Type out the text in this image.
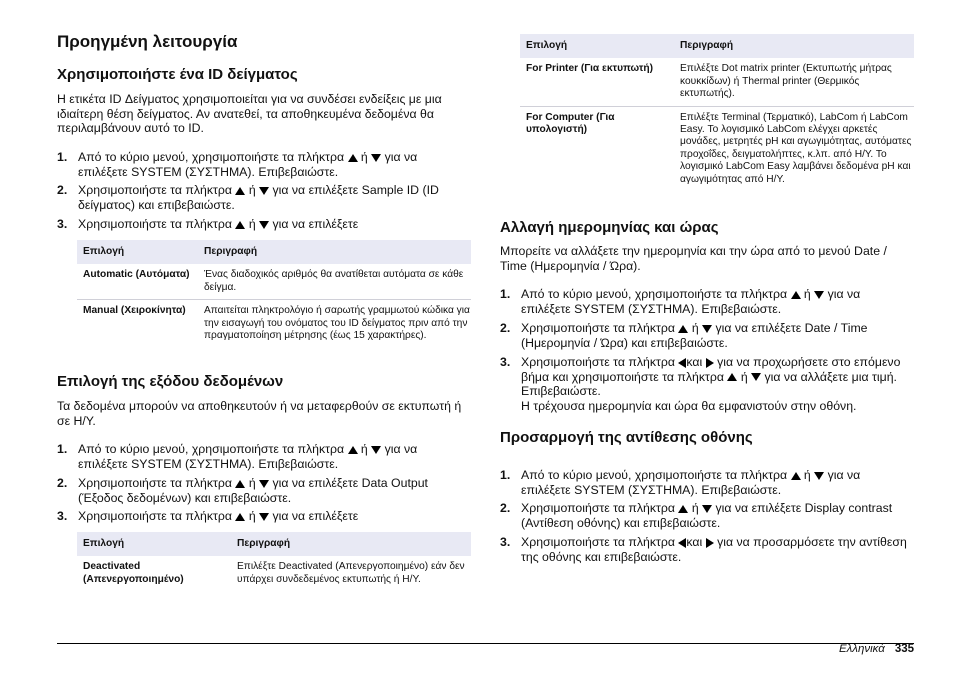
Προηγμένη λειτουργία
Χρησιμοποιήστε ένα ID δείγματος

Η ετικέτα ID Δείγματος χρησιμοποιείται για να συνδέσει ενδείξεις με μια ιδιαίτερη θέση δείγματος. Αν ανατεθεί, τα αποθηκευμένα δεδομένα θα περιλαμβάνουν αυτό το ID.

1. Από το κύριο μενού, χρησιμοποιήστε τα πλήκτρα ή για να επιλέξετε SYSTEM (ΣΥΣΤΗΜΑ). Επιβεβαιώστε.
2. Χρησιμοποιήστε τα πλήκτρα ή για να επιλέξετε Sample ID (ID δείγματος) και επιβεβαιώστε.
3. Χρησιμοποιήστε τα πλήκτρα ή για να επιλέξετε
Επιλογή	Περιγραφή
Automatic (Αυτόματα)	Ένας διαδοχικός αριθμός θα ανατίθεται αυτόματα σε κάθε δείγμα.
Manual (Χειροκίνητα)	Απαιτείται πληκτρολόγιο ή σαρωτής γραμμωτού κώδικα για την εισαγωγή του ονόματος του ID δείγματος πριν από την πραγματοποίηση μέτρησης (έως 15 χαρακτήρες).
Επιλογή της εξόδου δεδομένων

Τα δεδομένα μπορούν να αποθηκευτούν ή να μεταφερθούν σε εκτυπωτή ή σε Η/Υ.

1. Από το κύριο μενού, χρησιμοποιήστε τα πλήκτρα ή για να επιλέξετε SYSTEM (ΣΥΣΤΗΜΑ). Επιβεβαιώστε.
2. Χρησιμοποιήστε τα πλήκτρα ή για να επιλέξετε Data Output (Έξοδος δεδομένων) και επιβεβαιώστε.
3. Χρησιμοποιήστε τα πλήκτρα ή για να επιλέξετε
Επιλογή	Περιγραφή
Deactivated (Απενεργοποιημένο)	Επιλέξτε Deactivated (Απενεργοποιημένο) εάν δεν υπάρχει συνδεδεμένος εκτυπωτής ή Η/Υ.
Επιλογή	Περιγραφή
For Printer (Για εκτυπωτή)	Επιλέξτε Dot matrix printer (Εκτυπωτής μήτρας κουκκίδων) ή Thermal printer (Θερμικός εκτυπωτής).
For Computer (Για υπολογιστή)	Επιλέξτε Terminal (Τερματικό), LabCom ή LabCom Easy. Το λογισμικό LabCom ελέγχει αρκετές μονάδες, μετρητές pH και αγωγιμότητας, αυτόματες προχοΐδες, δειγματολήπτες, κ.λπ. από Η/Υ. Το λογισμικό LabCom Easy λαμβάνει δεδομένα pH και αγωγιμότητας από Η/Υ.
Αλλαγή ημερομηνίας και ώρας

Μπορείτε να αλλάξετε την ημερομηνία και την ώρα από το μενού Date / Time (Ημερομηνία / Ώρα).

1. Από το κύριο μενού, χρησιμοποιήστε τα πλήκτρα ή για να επιλέξετε SYSTEM (ΣΥΣΤΗΜΑ). Επιβεβαιώστε.
2. Χρησιμοποιήστε τα πλήκτρα ή για να επιλέξετε Date / Time (Ημερομηνία / Ώρα) και επιβεβαιώστε.
3. Χρησιμοποιήστε τα πλήκτρα και για να προχωρήσετε στο επόμενο βήμα και χρησιμοποιήστε τα πλήκτρα ή για να αλλάξετε μια τιμή. Επιβεβαιώστε.
Η τρέχουσα ημερομηνία και ώρα θα εμφανιστούν στην οθόνη.
Προσαρμογή της αντίθεσης οθόνης
1. Από το κύριο μενού, χρησιμοποιήστε τα πλήκτρα ή για να επιλέξετε SYSTEM (ΣΥΣΤΗΜΑ). Επιβεβαιώστε.
2. Χρησιμοποιήστε τα πλήκτρα ή για να επιλέξετε Display contrast (Αντίθεση οθόνης) και επιβεβαιώστε.
3. Χρησιμοποιήστε τα πλήκτρα και για να προσαρμόσετε την αντίθεση της οθόνης και επιβεβαιώστε.
Ελληνικά 335
